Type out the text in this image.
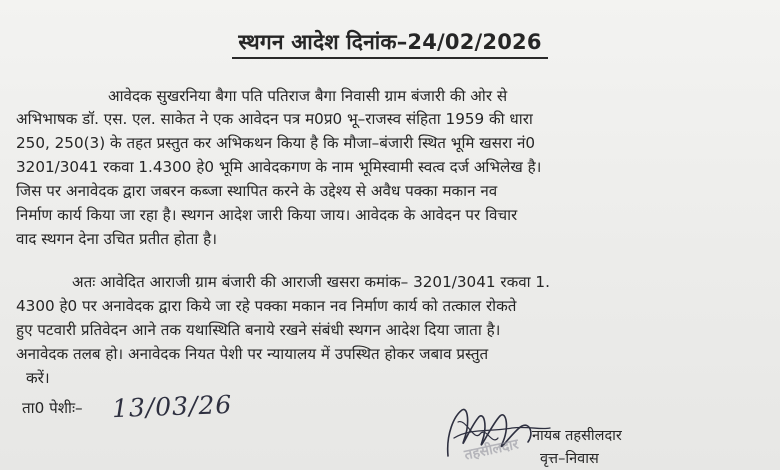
स्थगन आदेश दिनांक–24/02/2026
आवेदक सुखरनिया बैगा पति पतिराज बैगा निवासी ग्राम बंजारी की ओर से
अभिभाषक डॉ. एस. एल. साकेत ने एक आवेदन पत्र म0प्र0 भू–राजस्व संहिता 1959 की धारा
250, 250(3) के तहत प्रस्तुत कर अभिकथन किया है कि मौजा–बंजारी स्थित भूमि खसरा नं0
3201/3041 रकवा 1.4300 हे0 भूमि आवेदकगण के नाम भूमिस्वामी स्वत्व दर्ज अभिलेख है।
जिस पर अनावेदक द्वारा जबरन कब्जा स्थापित करने के उद्देश्य से अवैध पक्का मकान नव
निर्माण कार्य किया जा रहा है। स्थगन आदेश जारी किया जाय। आवेदक के आवेदन पर विचार
वाद स्थगन देना उचित प्रतीत होता है।
अतः आवेदित आराजी ग्राम बंजारी की आराजी खसरा कमांक– 3201/3041 रकवा 1.
4300 हे0 पर अनावेदक द्वारा किये जा रहे पक्का मकान नव निर्माण कार्य को तत्काल रोकते
हुए पटवारी प्रतिवेदन आने तक यथास्थिति बनाये रखने संबंधी स्थगन आदेश दिया जाता है।
अनावेदक तलब हो। अनावेदक नियत पेशी पर न्यायालय में उपस्थित होकर जबाव प्रस्तुत
करें।
ता0 पेशीः– 13/03/26
तहसीलदार
नायब तहसीलदार
वृत्त–निवास
